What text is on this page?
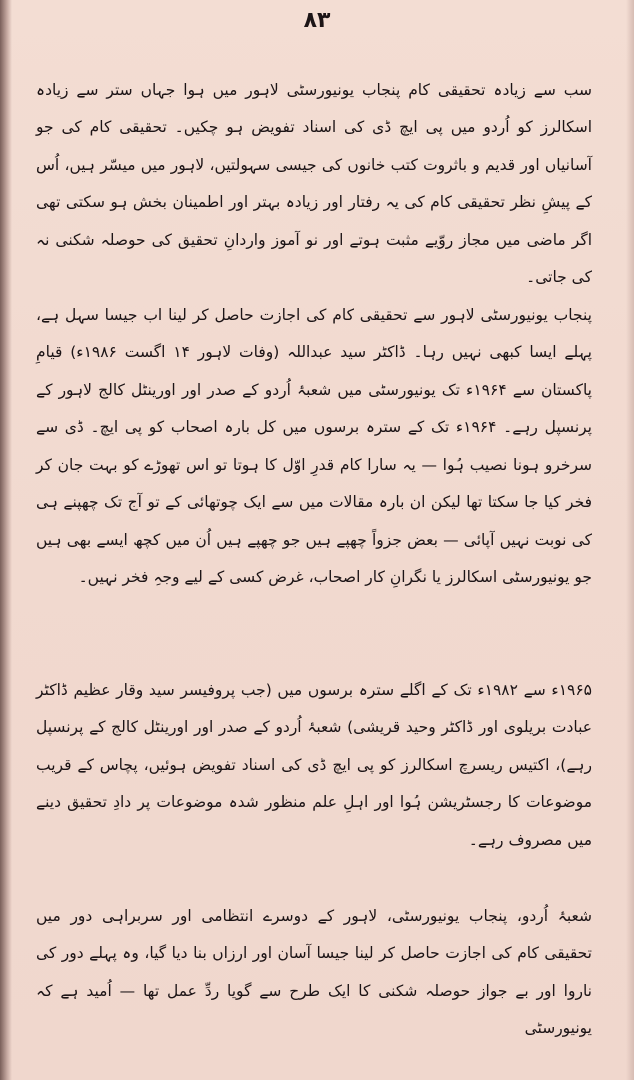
۸۳

سب سے زیادہ تحقیقی کام پنجاب یونیورسٹی لاہور میں ہوا جہاں ستر سے زیادہ اسکالرز کو اُردو میں پی ایچ ڈی کی اسناد تفویض ہو چکیں۔ تحقیقی کام کی جو آسانیاں اور قدیم و باثروت کتب خانوں کی جیسی سہولتیں، لاہور میں میسّر ہیں، اُس کے پیشِ نظر تحقیقی کام کی یہ رفتار اور زیادہ بہتر اور اطمینان بخش ہو سکتی تھی اگر ماضی میں مجاز روّیے مثبت ہوتے اور نو آموز واردانِ تحقیق کی حوصلہ شکنی نہ کی جاتی۔

پنجاب یونیورسٹی لاہور سے تحقیقی کام کی اجازت حاصل کر لینا اب جیسا سہل ہے، پہلے ایسا کبھی نہیں رہا۔ ڈاکٹر سید عبداللہ (وفات لاہور ۱۴ اگست ۱۹۸۶ء) قیامِ پاکستان سے ۱۹۶۴ء تک یونیورسٹی میں شعبۂ اُردو کے صدر اور اورینٹل کالج لاہور کے پرنسپل رہے۔ ۱۹۶۴ء تک کے سترہ برسوں میں کل بارہ اصحاب کو پی ایچ۔ ڈی سے سرخرو ہونا نصیب ہُوا — یہ سارا کام قدرِ اوّل کا ہوتا تو اس تھوڑے کو بہت جان کر فخر کیا جا سکتا تھا لیکن ان بارہ مقالات میں سے ایک چوتھائی کے تو آج تک چھپنے ہی کی نوبت نہیں آپائی — بعض جزواً چھپے ہیں جو چھپے ہیں اُن میں کچھ ایسے بھی ہیں جو یونیورسٹی اسکالرز یا نگرانِ کار اصحاب، غرض کسی کے لیے وجہِ فخر نہیں۔

۱۹۶۵ء سے ۱۹۸۲ء تک کے اگلے سترہ برسوں میں (جب پروفیسر سید وقار عظیم ڈاکٹر عبادت بریلوی اور ڈاکٹر وحید قریشی) شعبۂ اُردو کے صدر اور اورینٹل کالج کے پرنسپل رہے)، اکتیس ریسرچ اسکالرز کو پی ایچ ڈی کی اسناد تفویض ہوئیں، پچاس کے قریب موضوعات کا رجسٹریشن ہُوا اور اہلِ علم منظور شدہ موضوعات پر دادِ تحقیق دینے میں مصروف رہے۔

شعبۂ اُردو، پنجاب یونیورسٹی، لاہور کے دوسرے انتظامی اور سربراہی دور میں تحقیقی کام کی اجازت حاصل کر لینا جیسا آسان اور ارزاں بنا دیا گیا، وہ پہلے دور کی ناروا اور بے جواز حوصلہ شکنی کا ایک طرح سے گویا ردِّ عمل تھا — اُمید ہے کہ یونیورسٹی
